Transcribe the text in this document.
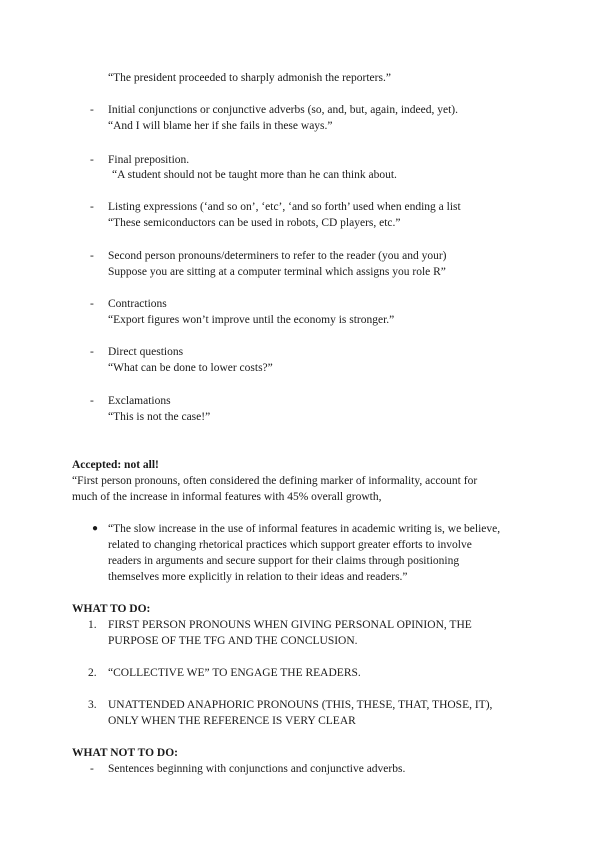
“The president proceeded to sharply admonish the reporters.”
- Initial conjunctions or conjunctive adverbs (so, and, but, again, indeed, yet).
“And I will blame her if she fails in these ways.”
- Final preposition.
“A student should not be taught more than he can think about.
- Listing expressions (‘and so on’, ‘etc’, ‘and so forth’ used when ending a list
“These semiconductors can be used in robots, CD players, etc.”
- Second person pronouns/determiners to refer to the reader (you and your)
Suppose you are sitting at a computer terminal which assigns you role R”
- Contractions
“Export figures won’t improve until the economy is stronger.”
- Direct questions
“What can be done to lower costs?”
- Exclamations
“This is not the case!”
Accepted: not all!
“First person pronouns, often considered the defining marker of informality, account for
much of the increase in informal features with 45% overall growth,
● “The slow increase in the use of informal features in academic writing is, we believe,
related to changing rhetorical practices which support greater efforts to involve
readers in arguments and secure support for their claims through positioning
themselves more explicitly in relation to their ideas and readers.”
WHAT TO DO:
1. FIRST PERSON PRONOUNS WHEN GIVING PERSONAL OPINION, THE
PURPOSE OF THE TFG AND THE CONCLUSION.
2. “COLLECTIVE WE” TO ENGAGE THE READERS.
3. UNATTENDED ANAPHORIC PRONOUNS (THIS, THESE, THAT, THOSE, IT),
ONLY WHEN THE REFERENCE IS VERY CLEAR
WHAT NOT TO DO:
- Sentences beginning with conjunctions and conjunctive adverbs.
